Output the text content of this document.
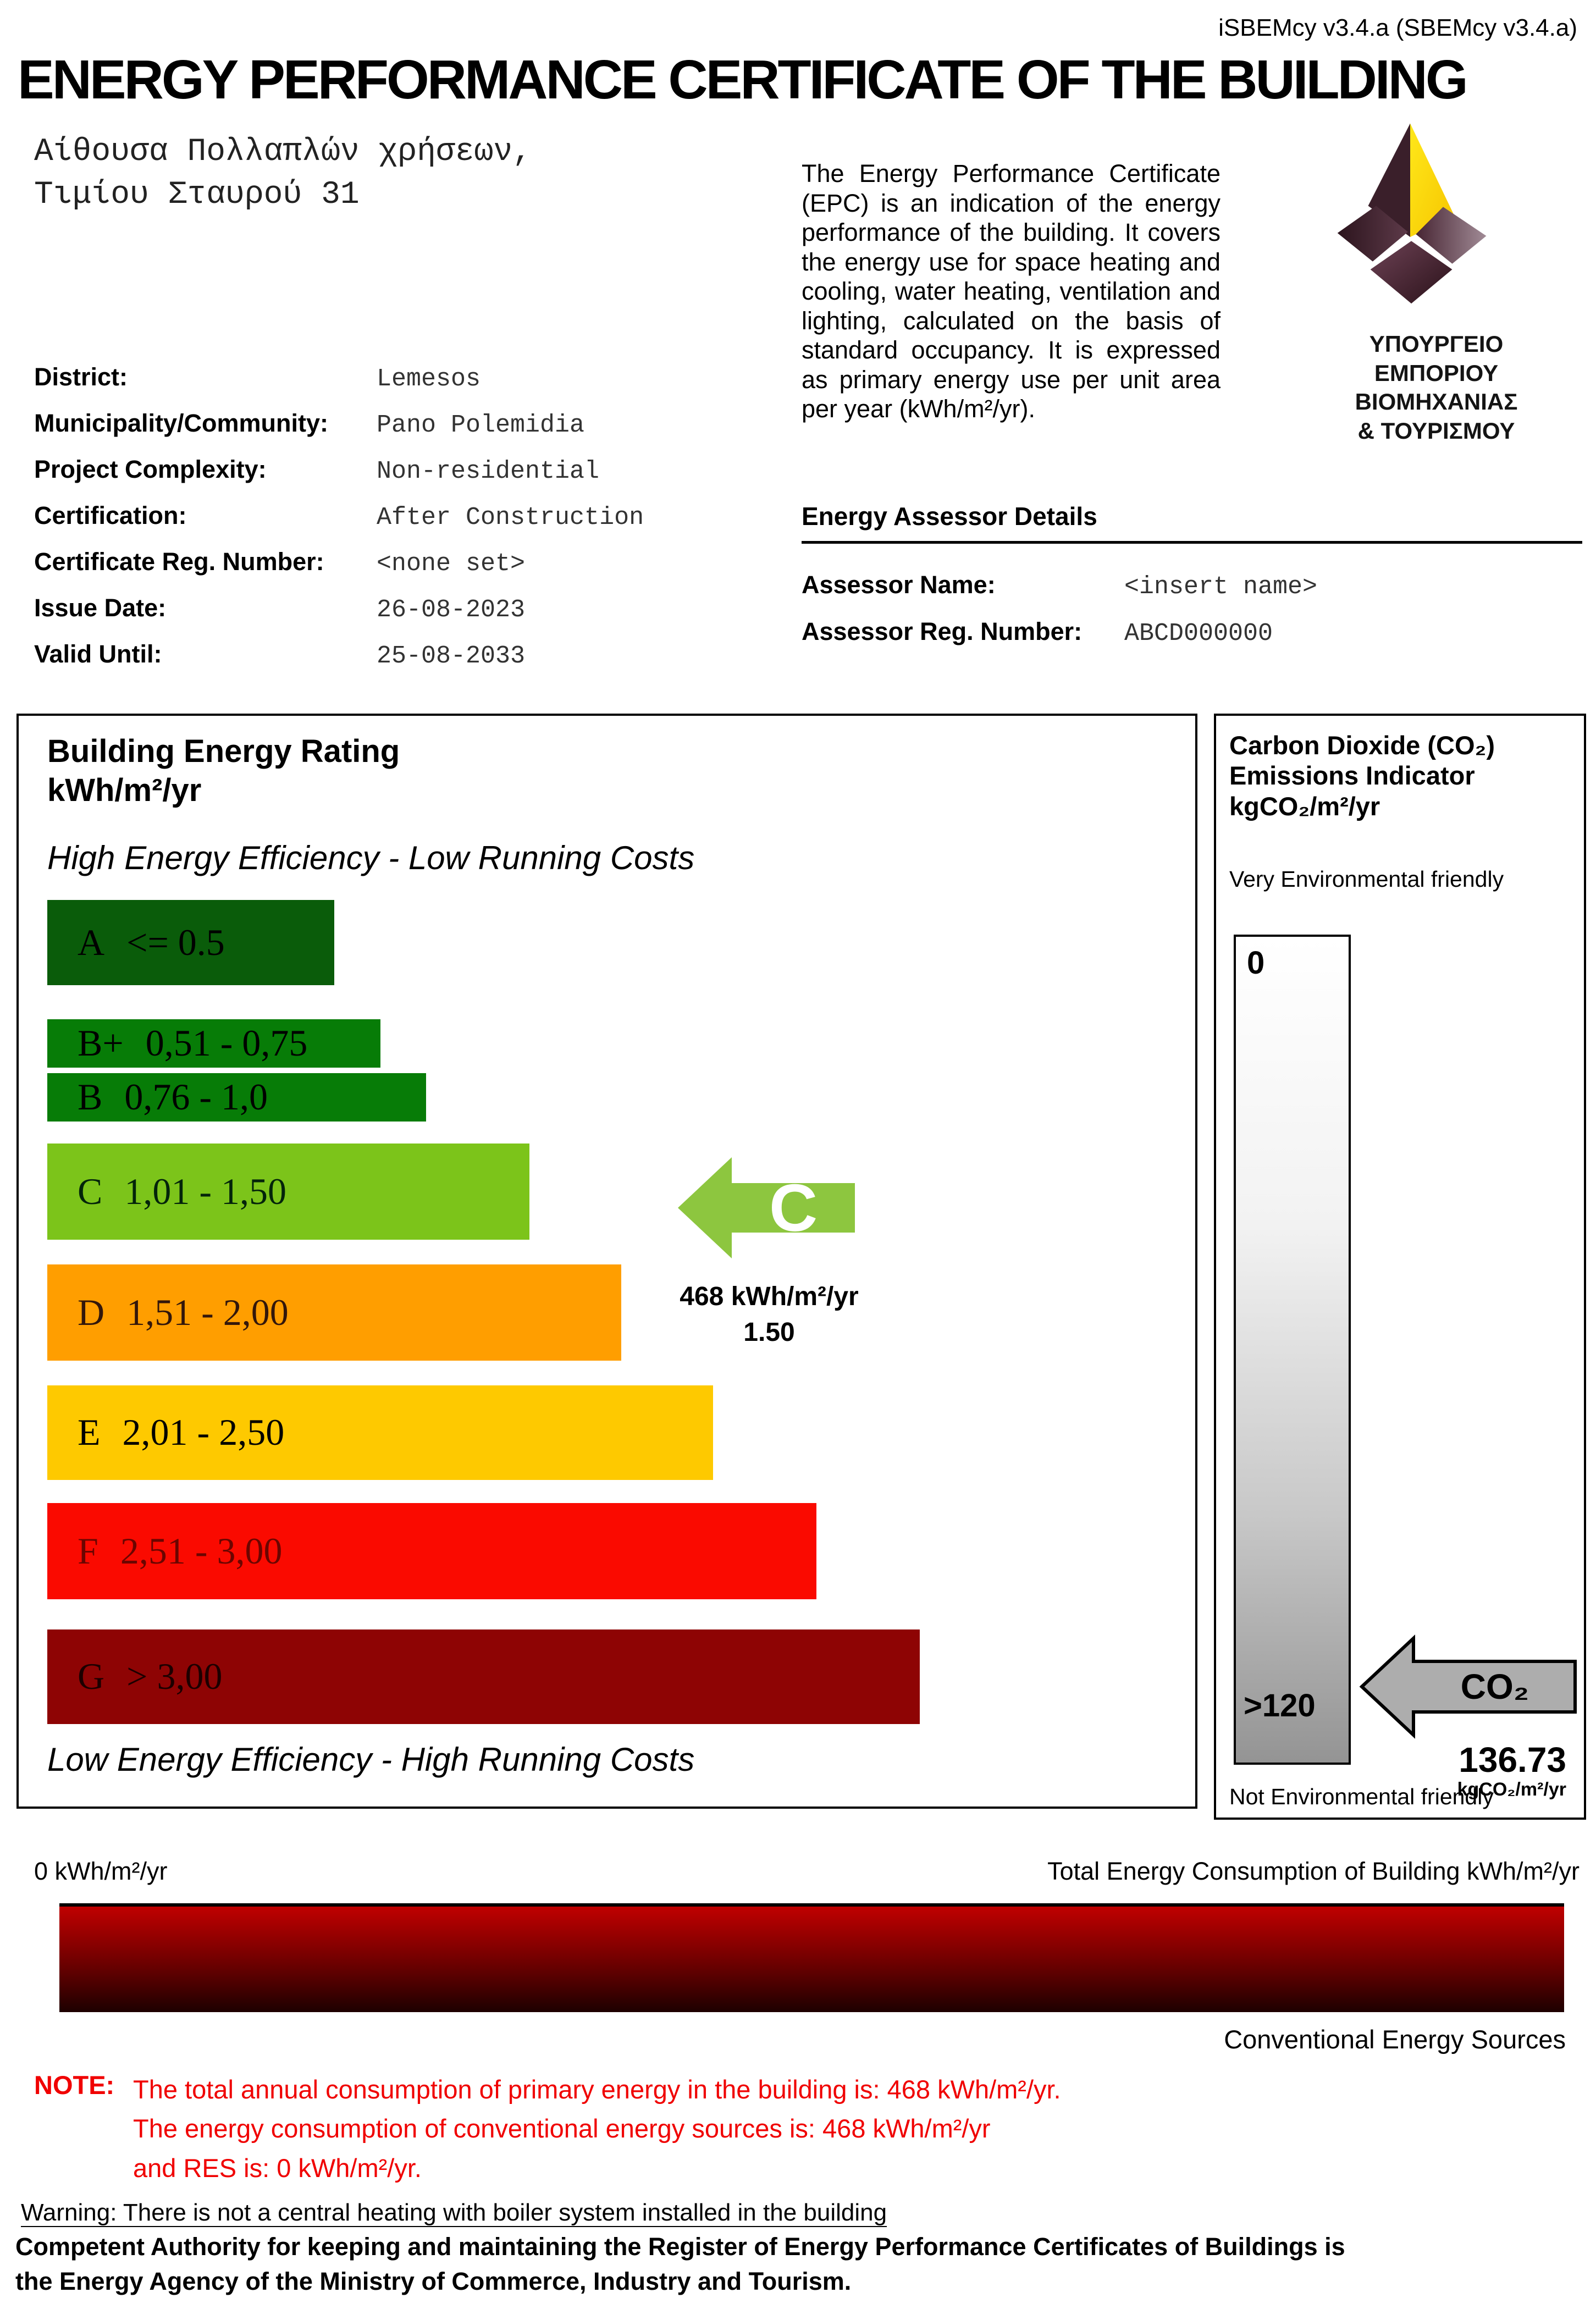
iSBEMcy v3.4.a (SBEMcy v3.4.a)
ENERGY PERFORMANCE CERTIFICATE OF THE BUILDING
Αίθουσα Πολλαπλών χρήσεων,
Τιμίου Σταυρού 31
District:	Lemesos
Municipality/Community:	Pano Polemidia
Project Complexity:	Non-residential
Certification:	After Construction
Certificate Reg. Number:	<none set>
Issue Date:	26-08-2023
Valid Until:	25-08-2033

The Energy Performance Certificate (EPC) is an indication of the energy performance of the building. It covers the energy use for space heating and cooling, water heating, ventilation and lighting, calculated on the basis of standard occupancy. It is expressed as primary energy use per unit area per year (kWh/m²/yr).

ΥΠΟΥΡΓΕΙΟ
ΕΜΠΟΡΙΟΥ
ΒΙΟΜΗΧΑΝΙΑΣ
& ΤΟΥΡΙΣΜΟΥ
Energy Assessor Details
Assessor Name:	<insert name>
Assessor Reg. Number:	ABCD000000
Building Energy Rating
kWh/m²/yr
High Energy Efficiency - Low Running Costs
A <= 0.5
B+ 0,51 - 0,75
B 0,76 - 1,0
C 1,01 - 1,50
D 1,51 - 2,00
E 2,01 - 2,50
F 2,51 - 3,00
G > 3,00
Low Energy Efficiency - High Running Costs
C
468 kWh/m²/yr
1.50
Carbon Dioxide (CO₂)
Emissions Indicator
kgCO₂/m²/yr
Very Environmental friendly
0
>120	CO₂
136.73
kgCO₂/m²/yr
Not Environmental friendly
0 kWh/m²/yr	Total Energy Consumption of Building kWh/m²/yr
Conventional Energy Sources
NOTE: The total annual consumption of primary energy in the building is: 468 kWh/m²/yr.
The energy consumption of conventional energy sources is: 468 kWh/m²/yr
and RES is: 0 kWh/m²/yr.
Warning: There is not a central heating with boiler system installed in the building
Competent Authority for keeping and maintaining the Register of Energy Performance Certificates of Buildings is
the Energy Agency of the Ministry of Commerce, Industry and Tourism.
